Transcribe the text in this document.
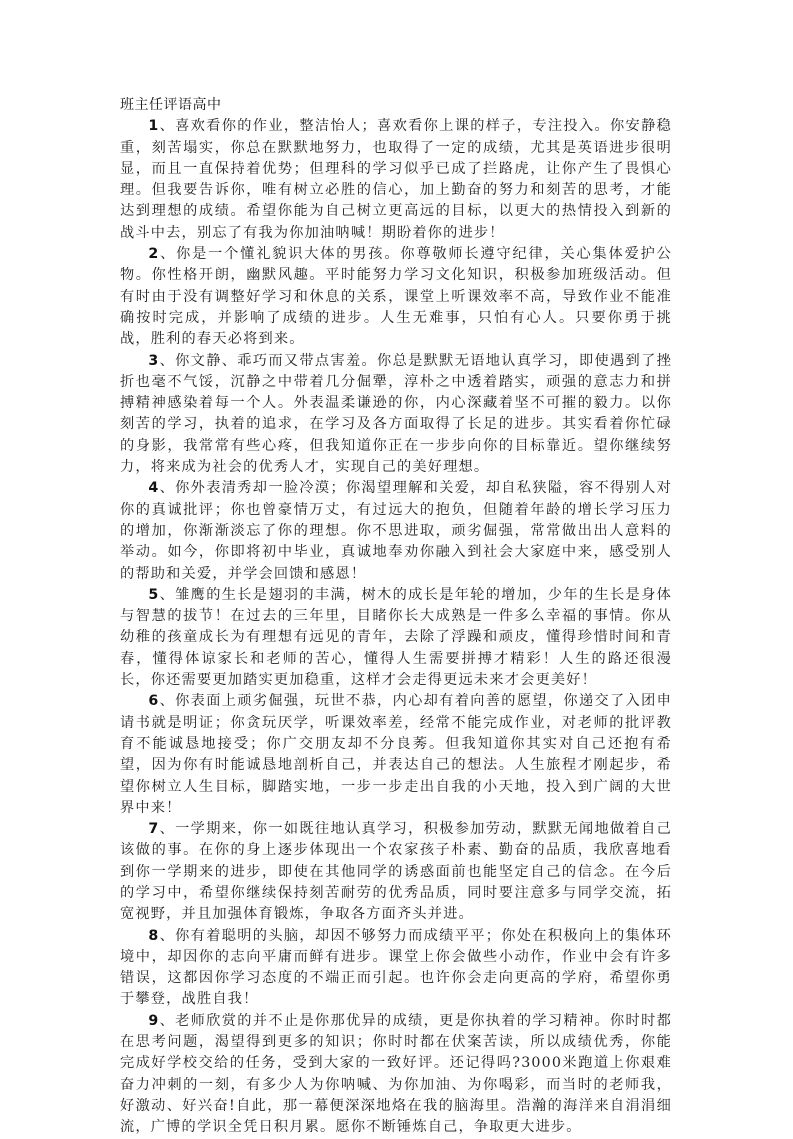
班主任评语高中

1、喜欢看你的作业，整洁怡人；喜欢看你上课的样子，专注投入。你安静稳重，刻苦塌实，你总在默默地努力，也取得了一定的成绩，尤其是英语进步很明显，而且一直保持着优势；但理科的学习似乎已成了拦路虎，让你产生了畏惧心理。但我要告诉你，唯有树立必胜的信心，加上勤奋的努力和刻苦的思考，才能达到理想的成绩。希望你能为自己树立更高远的目标，以更大的热情投入到新的战斗中去，别忘了有我为你加油呐喊！期盼着你的进步！

2、你是一个懂礼貌识大体的男孩。你尊敬师长遵守纪律，关心集体爱护公物。你性格开朗，幽默风趣。平时能努力学习文化知识，积极参加班级活动。但有时由于没有调整好学习和休息的关系，课堂上听课效率不高，导致作业不能准确按时完成，并影响了成绩的进步。人生无难事，只怕有心人。只要你勇于挑战，胜利的春天必将到来。

3、你文静、乖巧而又带点害羞。你总是默默无语地认真学习，即使遇到了挫折也毫不气馁，沉静之中带着几分倔犟，淳朴之中透着踏实，顽强的意志力和拼搏精神感染着每一个人。外表温柔谦逊的你，内心深藏着坚不可摧的毅力。以你刻苦的学习，执着的追求，在学习及各方面取得了长足的进步。其实看着你忙碌的身影，我常常有些心疼，但我知道你正在一步步向你的目标靠近。望你继续努力，将来成为社会的优秀人才，实现自己的美好理想。

4、你外表清秀却一脸冷漠；你渴望理解和关爱，却自私狭隘，容不得别人对你的真诚批评；你也曾豪情万丈，有过远大的抱负，但随着年龄的增长学习压力的增加，你渐渐淡忘了你的理想。你不思进取，顽劣倔强，常常做出出人意料的举动。如今，你即将初中毕业，真诚地奉劝你融入到社会大家庭中来，感受别人的帮助和关爱，并学会回馈和感恩！

5、雏鹰的生长是翅羽的丰满，树木的成长是年轮的增加，少年的生长是身体与智慧的拔节！在过去的三年里，目睹你长大成熟是一件多么幸福的事情。你从幼稚的孩童成长为有理想有远见的青年，去除了浮躁和顽皮，懂得珍惜时间和青春，懂得体谅家长和老师的苦心，懂得人生需要拼搏才精彩！人生的路还很漫长，你还需要更加踏实更加稳重，这样才会走得更远未来才会更美好！

6、你表面上顽劣倔强，玩世不恭，内心却有着向善的愿望，你递交了入团申请书就是明证；你贪玩厌学，听课效率差，经常不能完成作业，对老师的批评教育不能诚恳地接受；你广交朋友却不分良莠。但我知道你其实对自己还抱有希望，因为你有时能诚恳地剖析自己，并表达自己的想法。人生旅程才刚起步，希望你树立人生目标，脚踏实地，一步一步走出自我的小天地，投入到广阔的大世界中来！

7、一学期来，你一如既往地认真学习，积极参加劳动，默默无闻地做着自己该做的事。在你的身上逐步体现出一个农家孩子朴素、勤奋的品质，我欣喜地看到你一学期来的进步，即使在其他同学的诱惑面前也能坚定自己的信念。在今后的学习中，希望你继续保持刻苦耐劳的优秀品质，同时要注意多与同学交流，拓宽视野，并且加强体育锻炼，争取各方面齐头并进。

8、你有着聪明的头脑，却因不够努力而成绩平平；你处在积极向上的集体环境中，却因你的志向平庸而鲜有进步。课堂上你会做些小动作，作业中会有许多错误，这都因你学习态度的不端正而引起。也许你会走向更高的学府，希望你勇于攀登，战胜自我！

9、老师欣赏的并不止是你那优异的成绩，更是你执着的学习精神。你时时都在思考问题，渴望得到更多的知识；你时时都在伏案苦读，所以成绩优秀，你能完成好学校交给的任务，受到大家的一致好评。还记得吗?3000米跑道上你艰难奋力冲刺的一刻，有多少人为你呐喊、为你加油、为你喝彩，而当时的老师我，好激动、好兴奋!自此，那一幕便深深地烙在我的脑海里。浩瀚的海洋来自涓涓细流，广博的学识全凭日积月累。愿你不断锤炼自己，争取更大进步。
